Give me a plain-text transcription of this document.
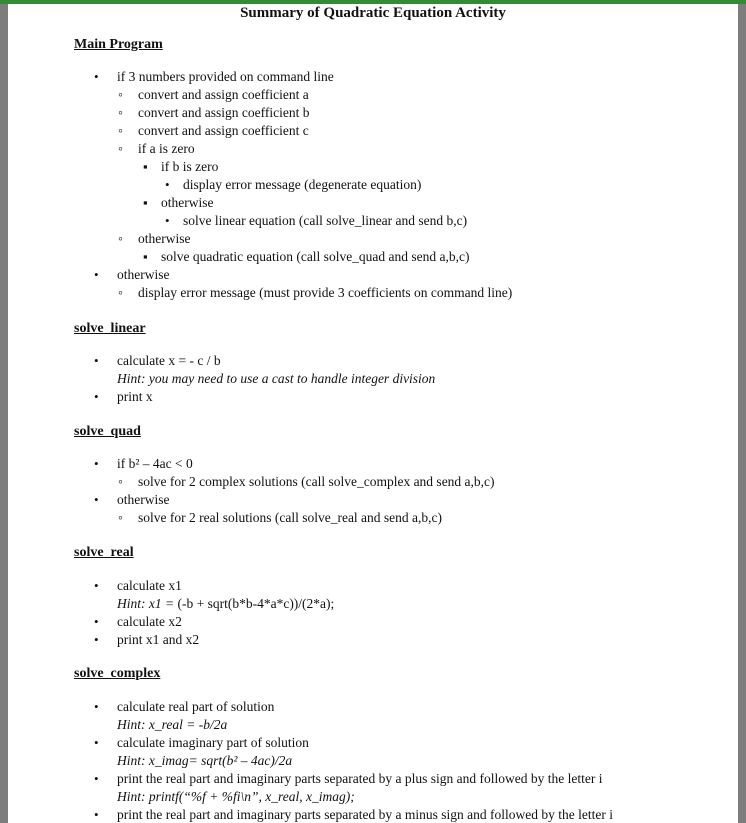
Summary of Quadratic Equation Activity
Main Program
•
if 3 numbers provided on command line
◦
convert and assign coefficient a
◦
convert and assign coefficient b
◦
convert and assign coefficient c
◦
if a is zero
▪
if b is zero
•
display error message (degenerate equation)
▪
otherwise
•
solve linear equation (call solve_linear and send b,c)
◦
otherwise
▪
solve quadratic equation (call solve_quad and send a,b,c)
•
otherwise
◦
display error message (must provide 3 coefficients on command line)
solve_linear
•
calculate x = - c / b
Hint: you may need to use a cast to handle integer division
•
print x
solve_quad
•
if b² – 4ac < 0
◦
solve for 2 complex solutions (call solve_complex and send a,b,c)
•
otherwise
◦
solve for 2 real solutions (call solve_real and send a,b,c)
solve_real
•
calculate x1
Hint: x1 = (-b + sqrt(b*b-4*a*c))/(2*a);
•
calculate x2
•
print x1 and x2
solve_complex
•
calculate real part of solution
Hint: x_real = -b/2a
•
calculate imaginary part of solution
Hint: x_imag= sqrt(b² – 4ac)/2a
•
print the real part and imaginary parts separated by a plus sign and followed by the letter i
Hint: printf(“%f + %fi\n”, x_real, x_imag);
•
print the real part and imaginary parts separated by a minus sign and followed by the letter i
